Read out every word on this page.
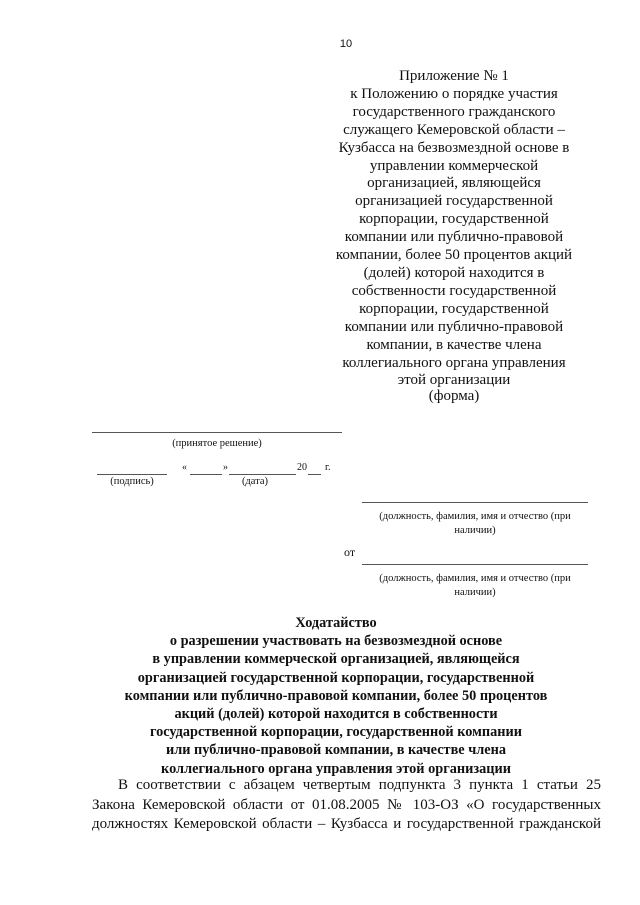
10
Приложение № 1
к Положению о порядке участия
государственного гражданского
служащего Кемеровской области –
Кузбасса на безвозмездной основе в
управлении коммерческой
организацией, являющейся
организацией государственной
корпорации, государственной
компании или публично-правовой
компании, более 50 процентов акций
(долей) которой находится в
собственности государственной
корпорации, государственной
компании или публично-правовой
компании, в качестве члена
коллегиального органа управления
этой организации
(форма)
(принятое решение)
«	»	20 г.
(подпись)	(дата)
(должность, фамилия, имя и отчество (при наличии)
от
(должность, фамилия, имя и отчество (при наличии)
Ходатайство
о разрешении участвовать на безвозмездной основе
в управлении коммерческой организацией, являющейся
организацией государственной корпорации, государственной
компании или публично-правовой компании, более 50 процентов
акций (долей) которой находится в собственности
государственной корпорации, государственной компании
или публично-правовой компании, в качестве члена
коллегиального органа управления этой организации

В соответствии с абзацем четвертым подпункта 3 пункта 1 статьи 25

Закона Кемеровской области от 01.08.2005 № 103-ОЗ «О государственных

должностях Кемеровской области – Кузбасса и государственной гражданской
